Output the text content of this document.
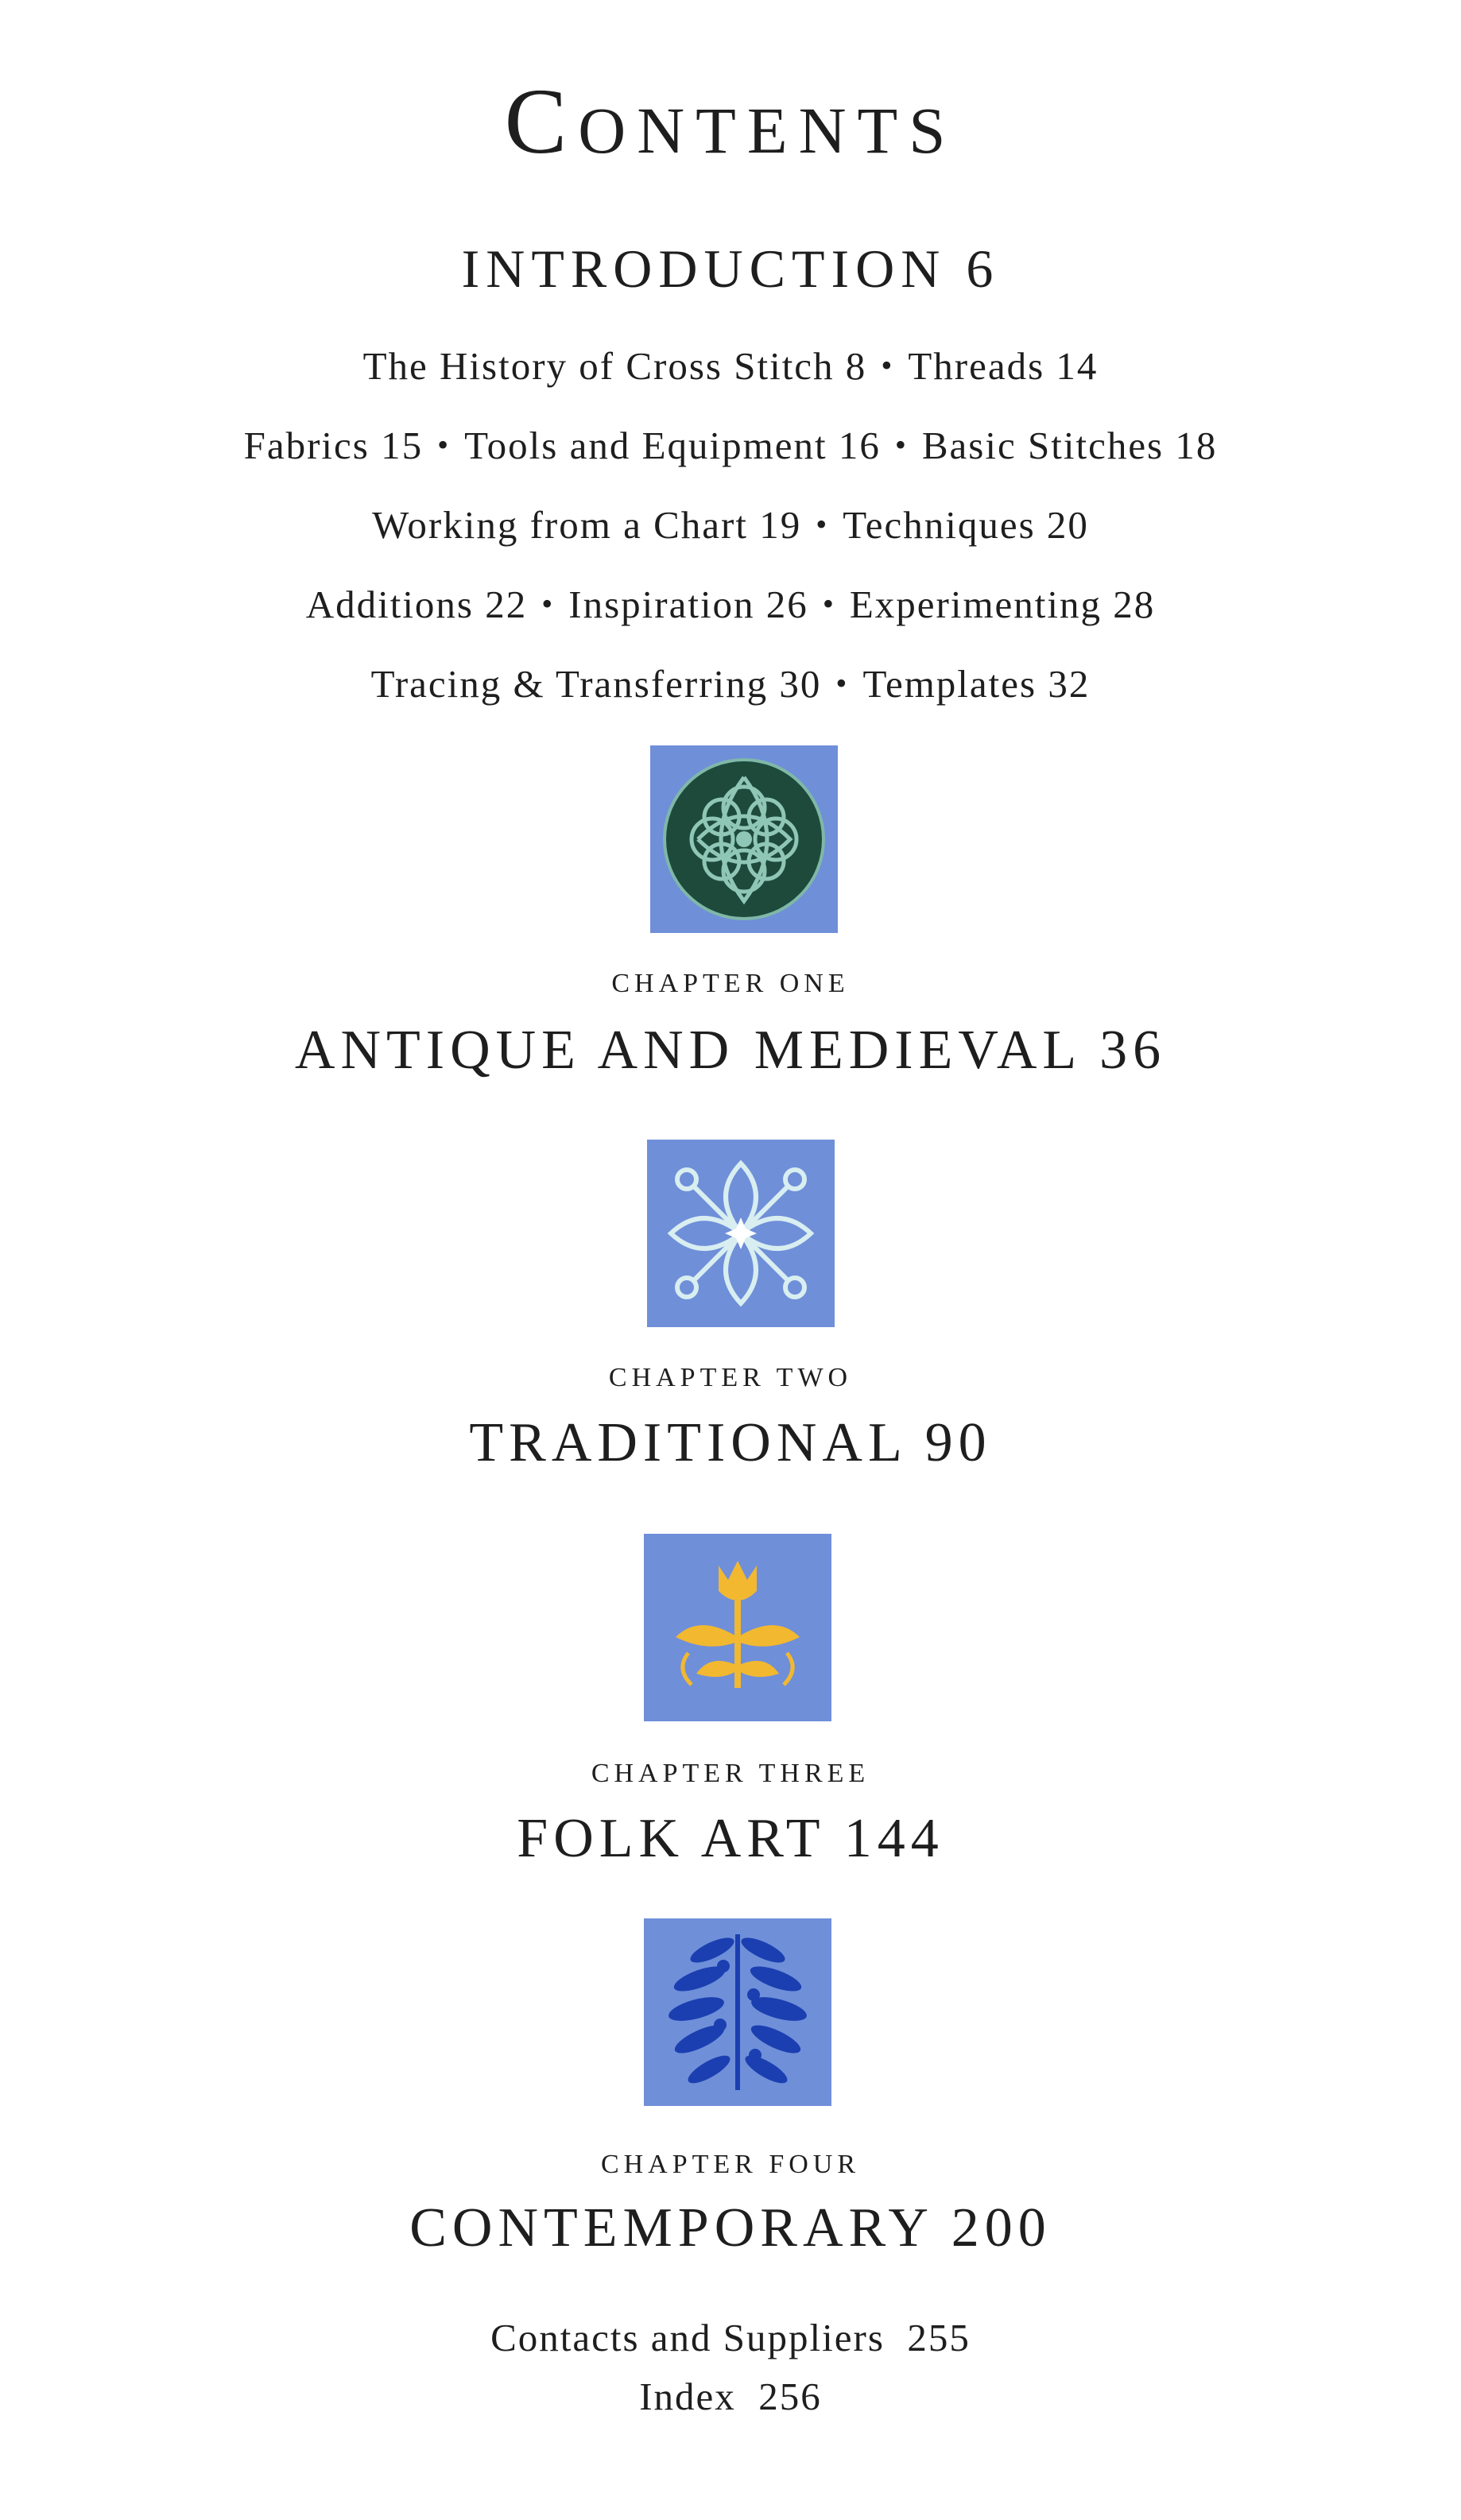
Contents
INTRODUCTION 6
The History of Cross Stitch 8 • Threads 14
Fabrics 15 • Tools and Equipment 16 • Basic Stitches 18
Working from a Chart 19 • Techniques 20
Additions 22 • Inspiration 26 • Experimenting 28
Tracing & Transferring 30 • Templates 32
CHAPTER ONE
ANTIQUE AND MEDIEVAL 36
CHAPTER TWO
TRADITIONAL 90
CHAPTER THREE
FOLK ART 144
CHAPTER FOUR
CONTEMPORARY 200
Contacts and Suppliers  255
Index  256
